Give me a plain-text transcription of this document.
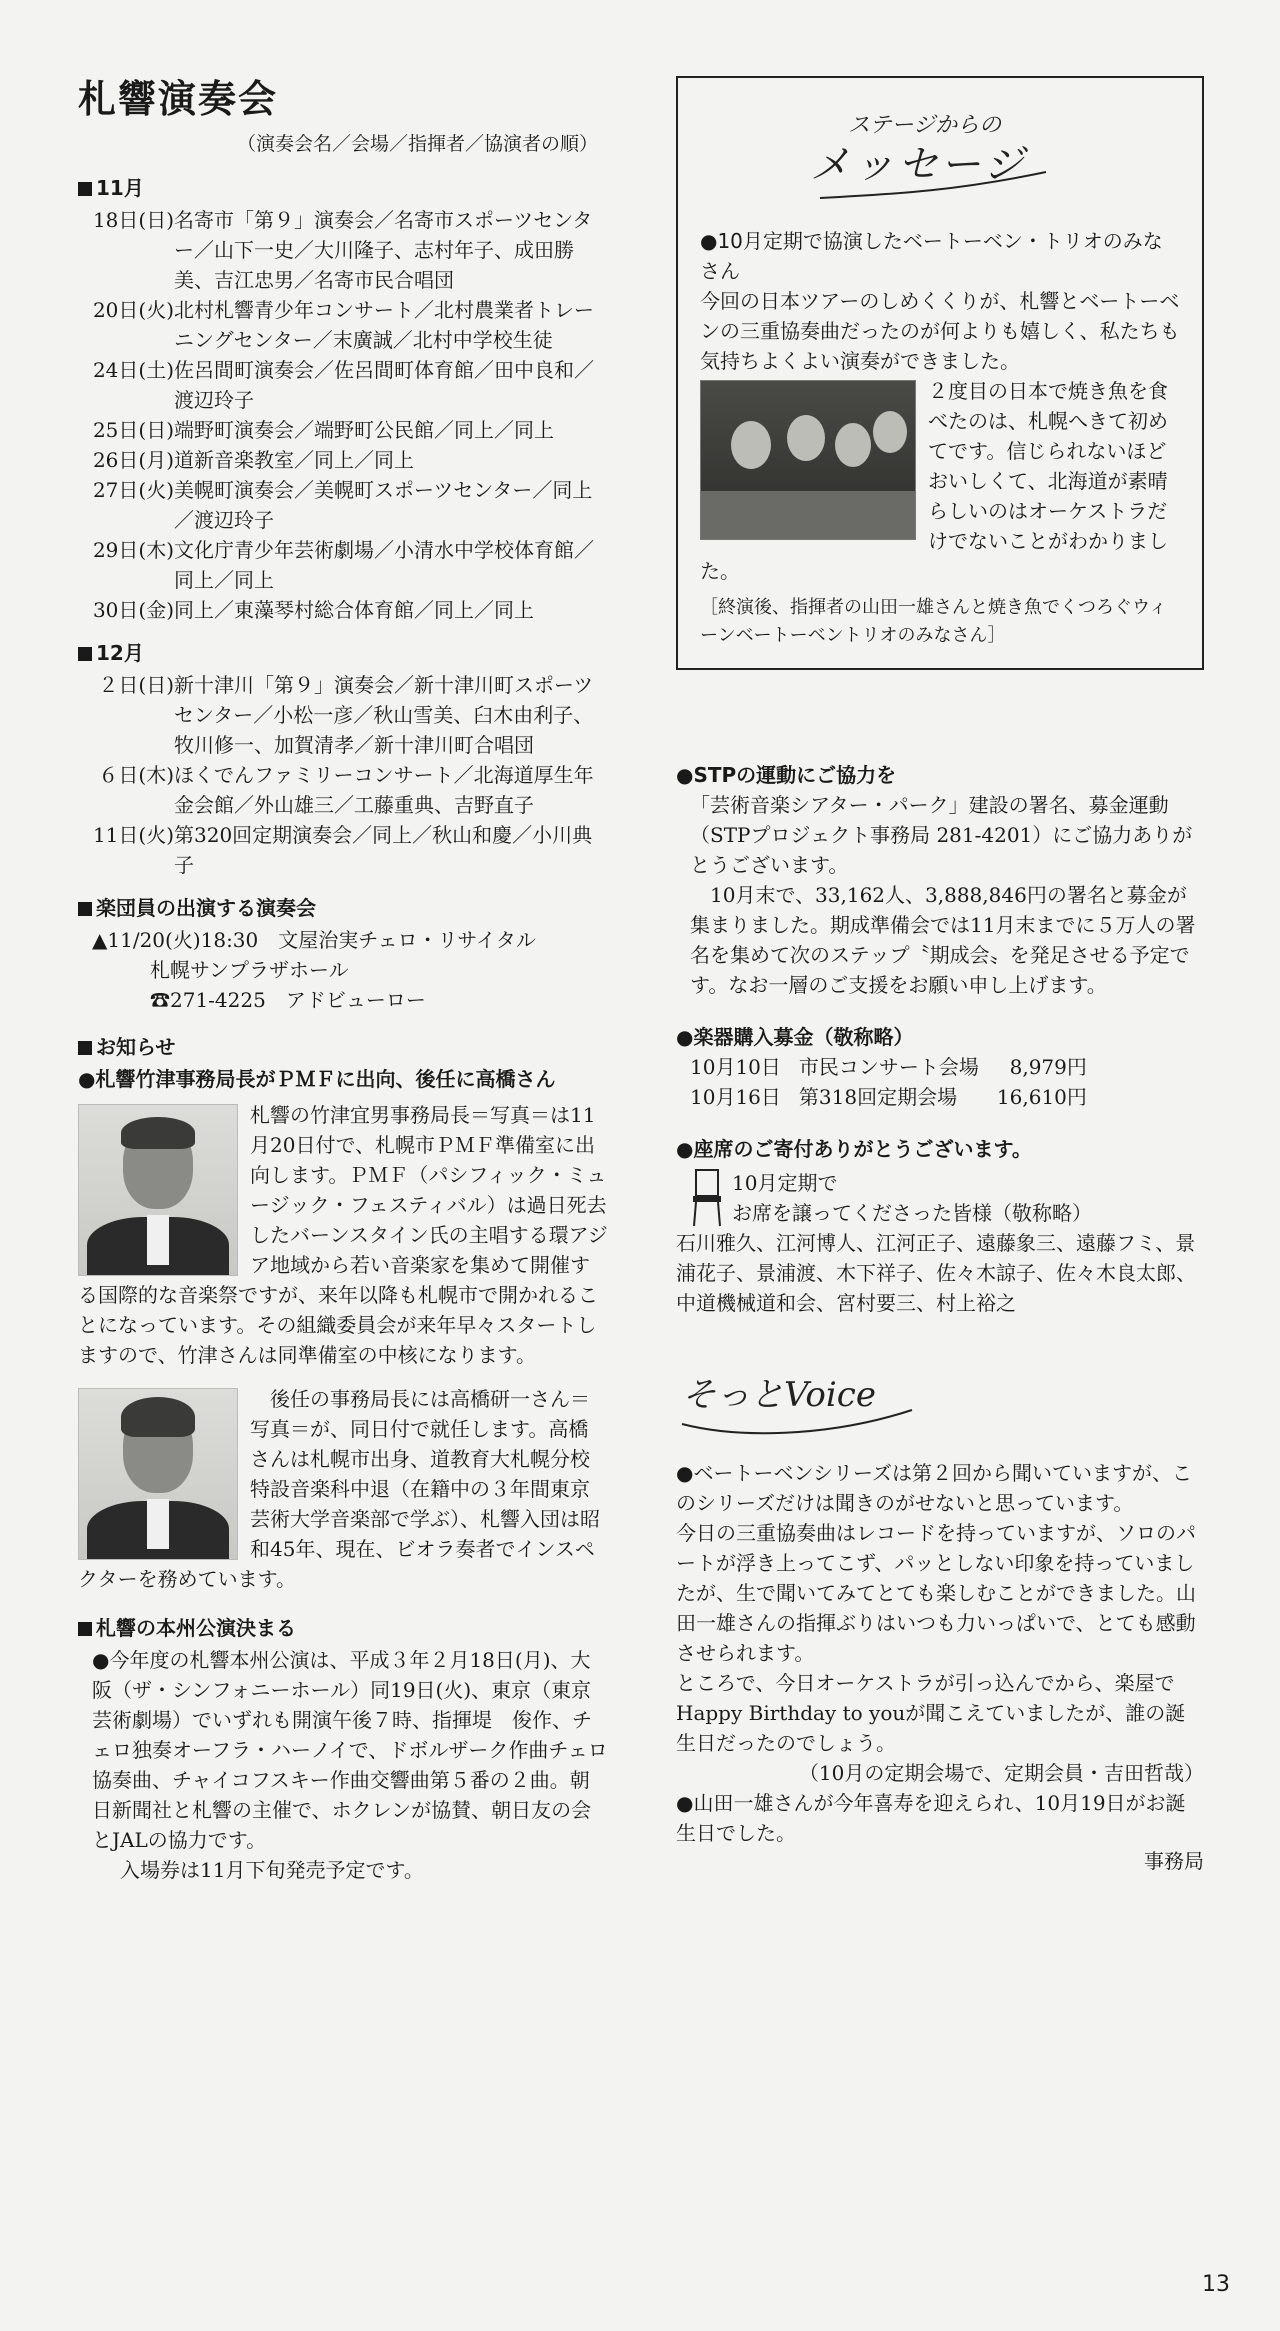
札響演奏会
（演奏会名／会場／指揮者／協演者の順）
11月
18日(日) 名寄市「第９」演奏会／名寄市スポーツセンター／山下一史／大川隆子、志村年子、成田勝美、吉江忠男／名寄市民合唱団
20日(火) 北村札響青少年コンサート／北村農業者トレーニングセンター／末廣誠／北村中学校生徒
24日(土) 佐呂間町演奏会／佐呂間町体育館／田中良和／渡辺玲子
25日(日) 端野町演奏会／端野町公民館／同上／同上
26日(月) 道新音楽教室／同上／同上
27日(火) 美幌町演奏会／美幌町スポーツセンター／同上／渡辺玲子
29日(木) 文化庁青少年芸術劇場／小清水中学校体育館／同上／同上
30日(金) 同上／東藻琴村総合体育館／同上／同上
12月
２日(日) 新十津川「第９」演奏会／新十津川町スポーツセンター／小松一彦／秋山雪美、臼木由利子、牧川修一、加賀清孝／新十津川町合唱団
６日(木) ほくでんファミリーコンサート／北海道厚生年金会館／外山雄三／工藤重典、吉野直子
11日(火) 第320回定期演奏会／同上／秋山和慶／小川典子
楽団員の出演する演奏会

▲11/20(火)18:30　文屋治実チェロ・リサイタル

札幌サンプラザホール

☎271-4225　アドビューロー

お知らせ

●札響竹津事務局長がＰＭＦに出向、後任に高橋さん

札響の竹津宜男事務局長＝写真＝は11月20日付で、札幌市ＰＭＦ準備室に出向します。ＰＭＦ（パシフィック・ミュージック・フェスティバル）は過日死去したバーンスタイン氏の主唱する環アジア地域から若い音楽家を集めて開催する国際的な音楽祭ですが、来年以降も札幌市で開かれることになっています。その組織委員会が来年早々スタートしますので、竹津さんは同準備室の中核になります。

後任の事務局長には高橋研一さん＝写真＝が、同日付で就任します。高橋さんは札幌市出身、道教育大札幌分校特設音楽科中退（在籍中の３年間東京芸術大学音楽部で学ぶ）、札響入団は昭和45年、現在、ビオラ奏者でインスペクターを務めています。

札響の本州公演決まる

●今年度の札響本州公演は、平成３年２月18日(月)、大阪（ザ・シンフォニーホール）同19日(火)、東京（東京芸術劇場）でいずれも開演午後７時、指揮堤　俊作、チェロ独奏オーフラ・ハーノイで、ドボルザーク作曲チェロ協奏曲、チャイコフスキー作曲交響曲第５番の２曲。朝日新聞社と札響の主催で、ホクレンが協賛、朝日友の会とJALの協力です。

入場券は11月下旬発売予定です。

ステージからの
メッセージ

●10月定期で協演したベートーベン・トリオのみなさん

今回の日本ツアーのしめくくりが、札響とベートーベンの三重協奏曲だったのが何よりも嬉しく、私たちも気持ちよくよい演奏ができました。

２度目の日本で焼き魚を食べたのは、札幌へきて初めてです。信じられないほどおいしくて、北海道が素晴らしいのはオーケストラだけでないことがわかりました。

［終演後、指揮者の山田一雄さんと焼き魚でくつろぐウィーンベートーベントリオのみなさん］

●STPの運動にご協力を

「芸術音楽シアター・パーク」建設の署名、募金運動（STPプロジェクト事務局 281-4201）にご協力ありがとうございます。

10月末で、33,162人、3,888,846円の署名と募金が集まりました。期成準備会では11月末までに５万人の署名を集めて次のステップ〝期成会〟を発足させる予定です。なお一層のご支援をお願い申し上げます。

●楽器購入募金（敬称略）

10月10日	市民コンサート会場	8,979円
10月16日	第318回定期会場	16,610円

●座席のご寄付ありがとうございます。

10月定期で

お席を譲ってくださった皆様（敬称略）

石川雅久、江河博人、江河正子、遠藤象三、遠藤フミ、景浦花子、景浦渡、木下祥子、佐々木諒子、佐々木良太郎、中道機械道和会、宮村要三、村上裕之

そっとVoice

●ベートーベンシリーズは第２回から聞いていますが、このシリーズだけは聞きのがせないと思っています。

今日の三重協奏曲はレコードを持っていますが、ソロのパートが浮き上ってこず、パッとしない印象を持っていましたが、生で聞いてみてとても楽しむことができました。山田一雄さんの指揮ぶりはいつも力いっぱいで、とても感動させられます。

ところで、今日オーケストラが引っ込んでから、楽屋でHappy Birthday to youが聞こえていましたが、誰の誕生日だったのでしょう。

（10月の定期会場で、定期会員・吉田哲哉）

●山田一雄さんが今年喜寿を迎えられ、10月19日がお誕生日でした。

事務局

13
